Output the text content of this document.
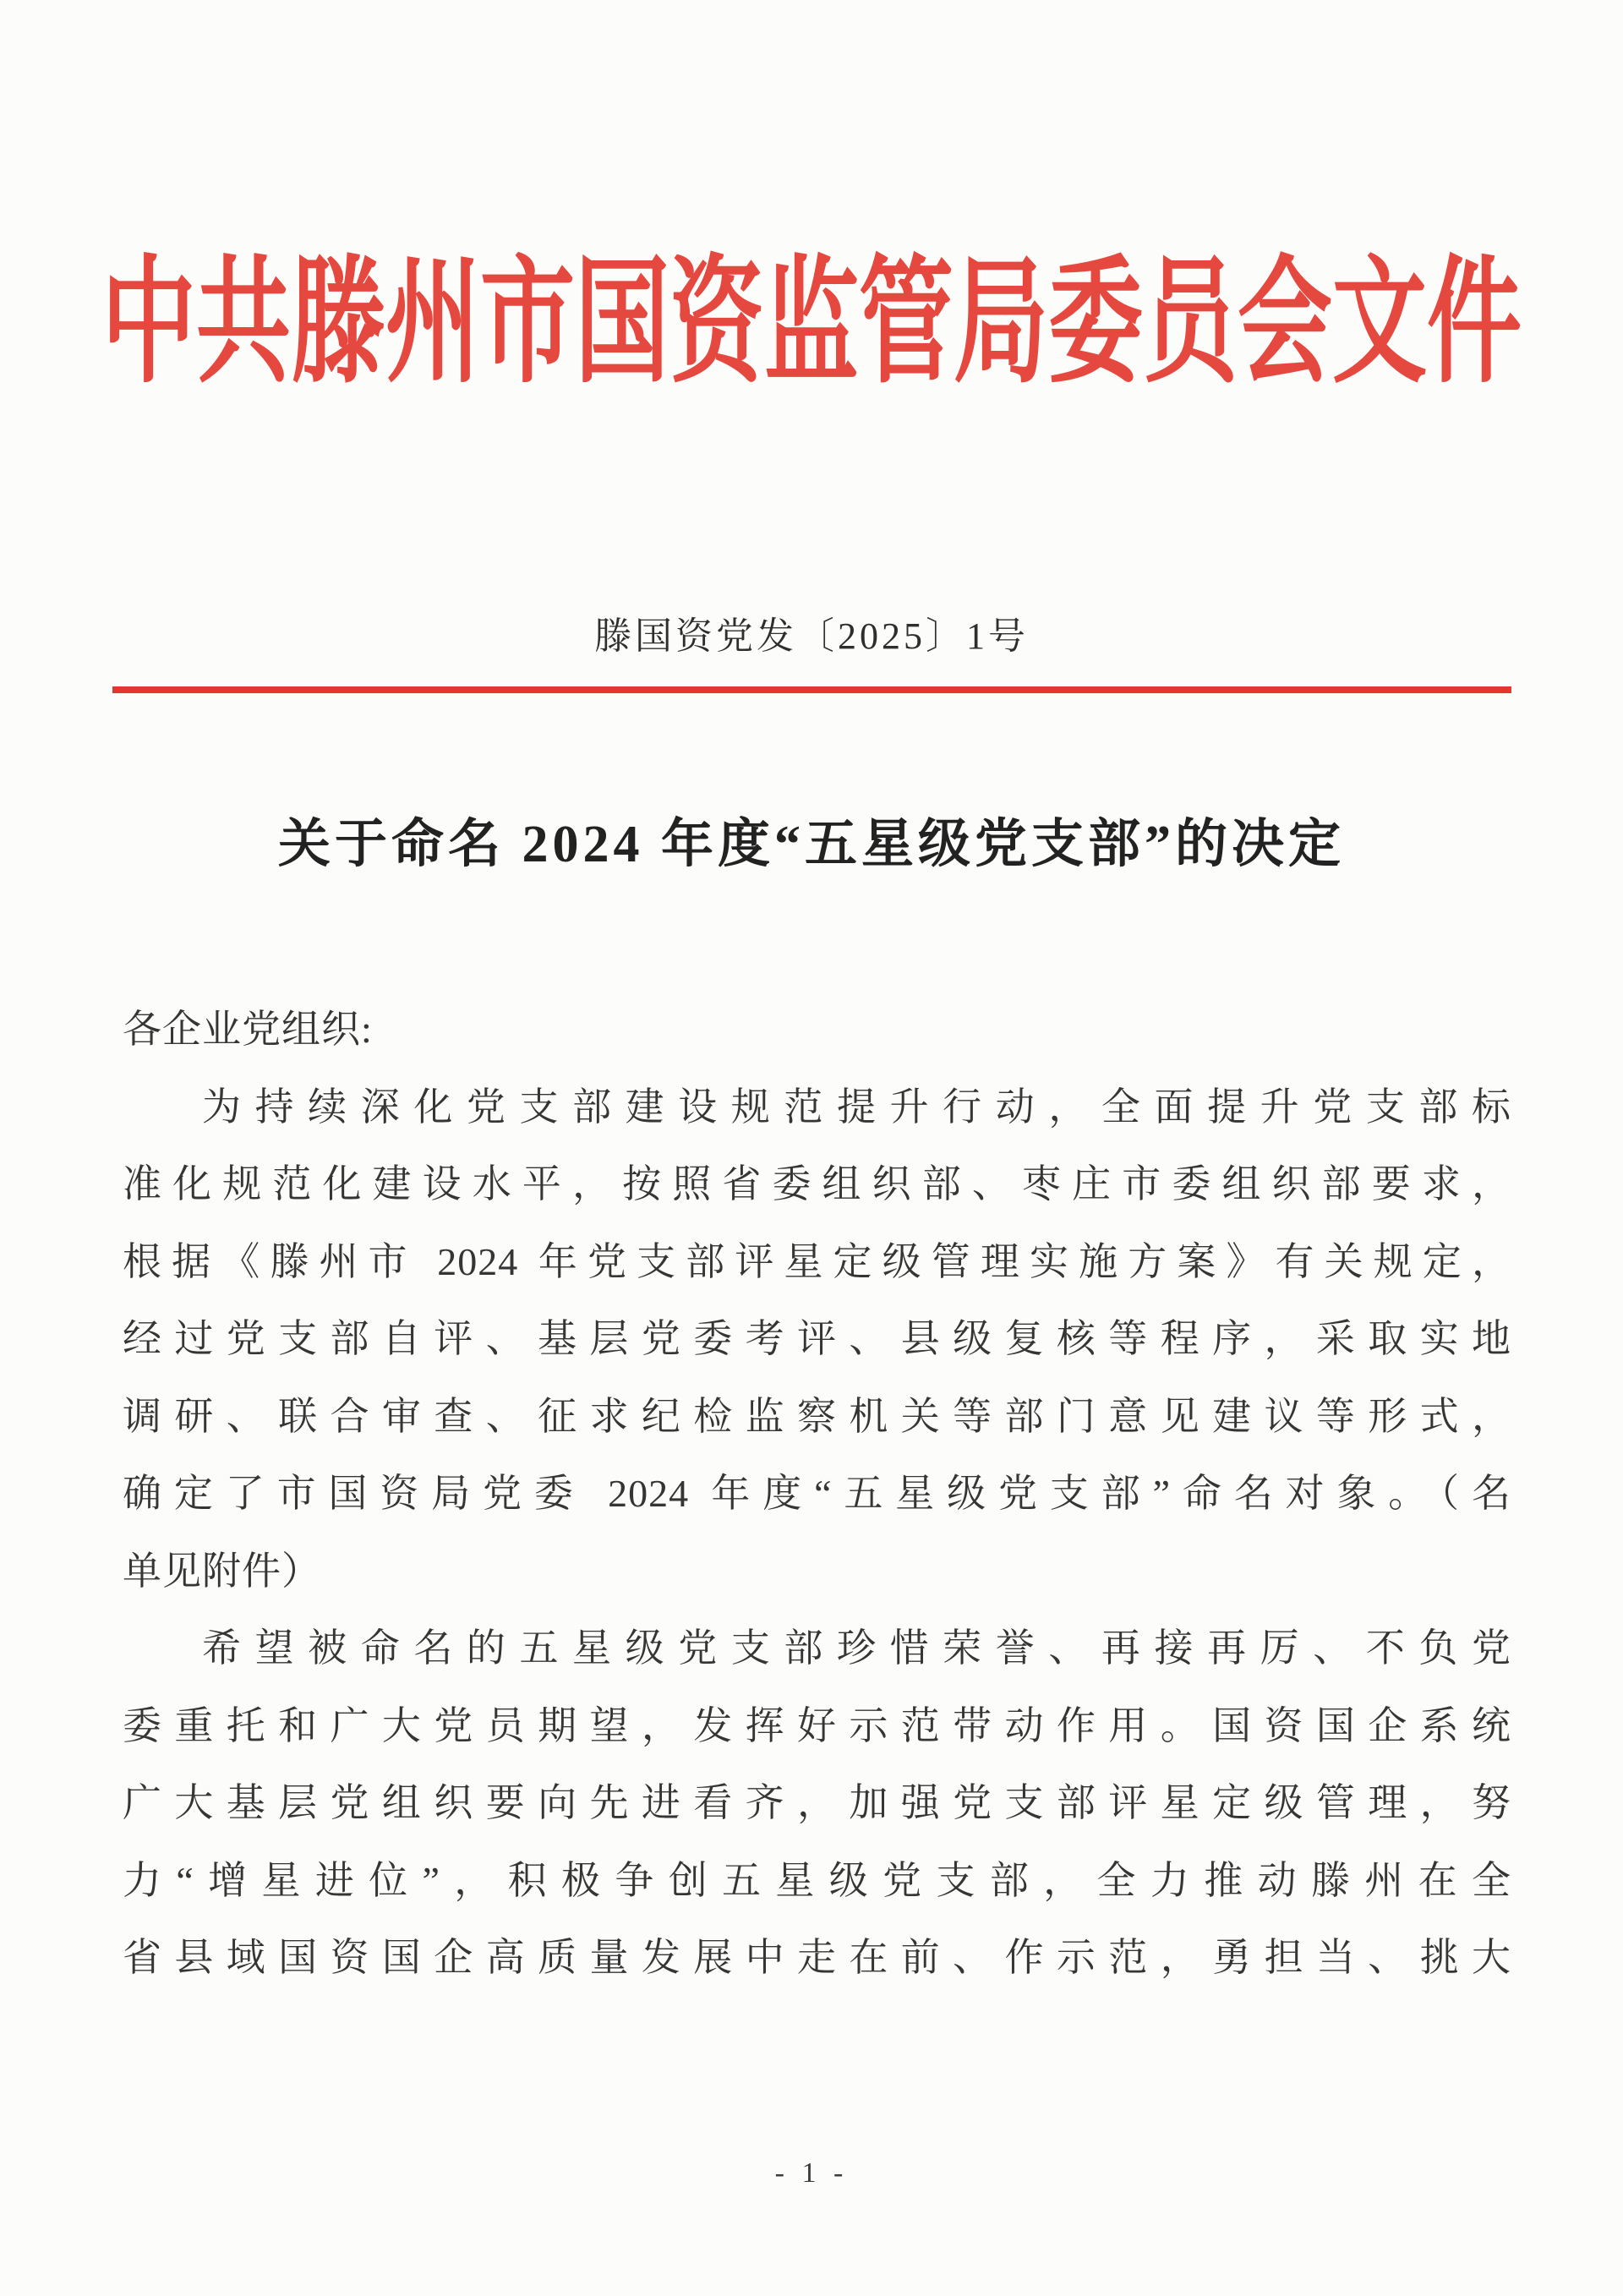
中共滕州市国资监管局委员会文件
滕国资党发〔2025〕1号
关于命名 2024 年度“五星级党支部”的决定
各企业党组织:
为持续深化党支部建设规范提升行动，全面提升党支部标
准化规范化建设水平，按照省委组织部、枣庄市委组织部要求，
根据《滕州市 2024 年党支部评星定级管理实施方案》有关规定，
经过党支部自评、基层党委考评、县级复核等程序，采取实地
调研、联合审查、征求纪检监察机关等部门意见建议等形式，
确定了市国资局党委 2024 年度“五星级党支部”命名对象。（名
单见附件）
希望被命名的五星级党支部珍惜荣誉、再接再厉、不负党
委重托和广大党员期望，发挥好示范带动作用。国资国企系统
广大基层党组织要向先进看齐，加强党支部评星定级管理，努
力“增星进位”，积极争创五星级党支部，全力推动滕州在全
省县域国资国企高质量发展中走在前、作示范，勇担当、挑大
- 1 -
